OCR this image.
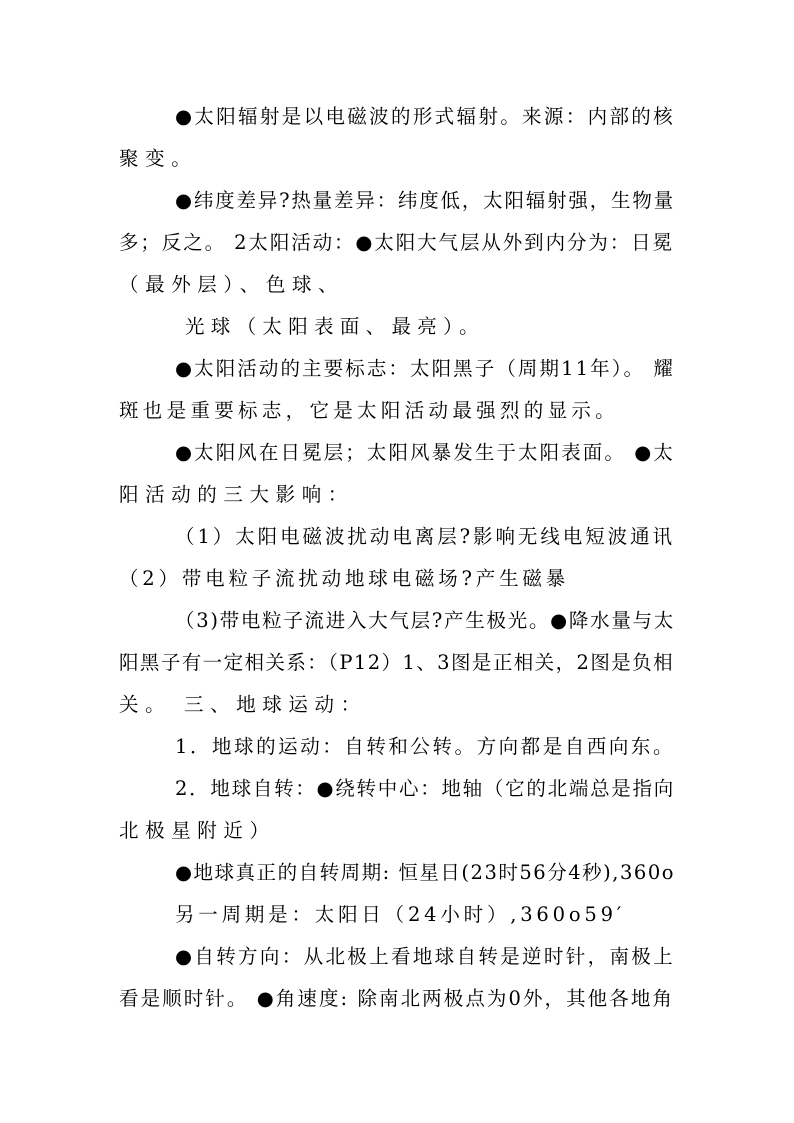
●太阳辐射是以电磁波的形式辐射。来源：内部的核
聚变。
●纬度差异?热量差异：纬度低，太阳辐射强，生物量
多；反之。 2太阳活动：●太阳大气层从外到内分为：日冕
（最外层）、色球、
光球（太阳表面、最亮）。
●太阳活动的主要标志：太阳黑子（周期11年）。 耀
斑也是重要标志，它是太阳活动最强烈的显示。
●太阳风在日冕层；太阳风暴发生于太阳表面。 ●太
阳活动的三大影响：
（1）太阳电磁波扰动电离层?影响无线电短波通讯
（2）带电粒子流扰动地球电磁场?产生磁暴
（3)带电粒子流进入大气层?产生极光。●降水量与太
阳黑子有一定相关系：（P12）1、3图是正相关，2图是负相
关。 三、地球运动：
1．地球的运动：自转和公转。方向都是自西向东。
2．地球自转：●绕转中心：地轴（它的北端总是指向
北极星附近）
●地球真正的自转周期: 恒星日(23时56分4秒),360o
另一周期是：太阳日（24小时）,360o59′
●自转方向：从北极上看地球自转是逆时针，南极上
看是顺时针。 ●角速度: 除南北两极点为0外，其他各地角
